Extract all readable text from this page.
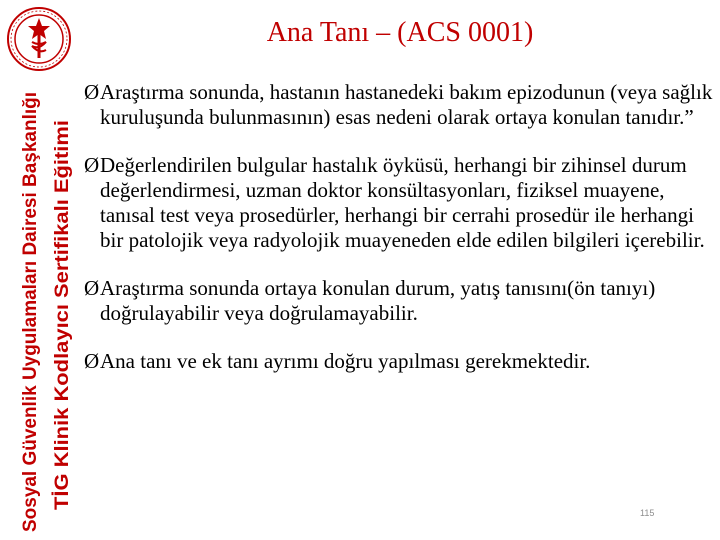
Sosyal Güvenlik Uygulamaları Dairesi Başkanlığı TİG Klinik Kodlayıcı Sertifikalı Eğitimi
Ana Tanı – (ACS 0001)
Ø Araştırma sonunda, hastanın hastanedeki bakım epizodunun (veya sağlık kuruluşunda bulunmasının) esas nedeni olarak ortaya konulan tanıdır.”
Ø Değerlendirilen bulgular hastalık öyküsü, herhangi bir zihinsel durum değerlendirmesi, uzman doktor konsültasyonları, fiziksel muayene, tanısal test veya prosedürler, herhangi bir cerrahi prosedür ile herhangi bir patolojik veya radyolojik muayeneden elde edilen bilgileri içerebilir.
Ø Araştırma sonunda ortaya konulan durum, yatış tanısını(ön tanıyı) doğrulayabilir veya doğrulamayabilir.
Ø Ana tanı ve ek tanı ayrımı doğru yapılması gerekmektedir.
115
